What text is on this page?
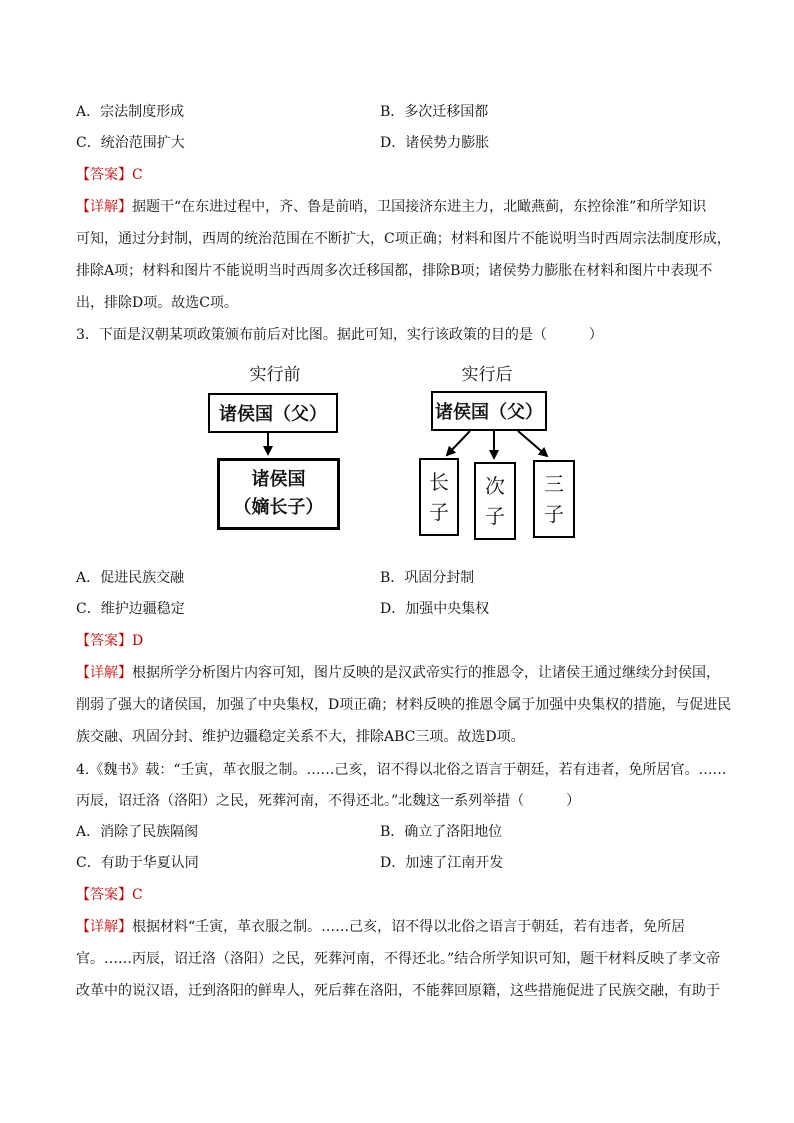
A．宗法制度形成	B．多次迁移国都
C．统治范围扩大	D．诸侯势力膨胀
【答案】C
【详解】据题干“在东进过程中，齐、鲁是前哨，卫国接济东进主力，北瞰燕蓟，东控徐淮”和所学知识
可知，通过分封制，西周的统治范围在不断扩大，C项正确；材料和图片不能说明当时西周宗法制度形成，
排除A项；材料和图片不能说明当时西周多次迁移国都，排除B项；诸侯势力膨胀在材料和图片中表现不
出，排除D项。故选C项。
3．下面是汉朝某项政策颁布前后对比图。据此可知，实行该政策的目的是（　　　）
实行前	实行后
诸侯国（父）
诸侯国
（嫡长子）
诸侯国（父）
长
子
次
子
三
子
A．促进民族交融	B．巩固分封制
C．维护边疆稳定	D．加强中央集权
【答案】D
【详解】根据所学分析图片内容可知，图片反映的是汉武帝实行的推恩令，让诸侯王通过继续分封侯国，
削弱了强大的诸侯国，加强了中央集权，D项正确；材料反映的推恩令属于加强中央集权的措施，与促进民
族交融、巩固分封、维护边疆稳定关系不大，排除ABC三项。故选D项。
4.《魏书》载：“壬寅，革衣服之制。……己亥，诏不得以北俗之语言于朝廷，若有违者，免所居官。……
丙辰，诏迁洛（洛阳）之民，死葬河南，不得还北。”北魏这一系列举措（　　　）
A．消除了民族隔阂	B．确立了洛阳地位
C．有助于华夏认同	D．加速了江南开发
【答案】C
【详解】根据材料“壬寅，革衣服之制。……己亥，诏不得以北俗之语言于朝廷，若有违者，免所居
官。……丙辰，诏迁洛（洛阳）之民，死葬河南，不得还北。”结合所学知识可知，题干材料反映了孝文帝
改革中的说汉语，迁到洛阳的鲜卑人，死后葬在洛阳，不能葬回原籍，这些措施促进了民族交融，有助于
